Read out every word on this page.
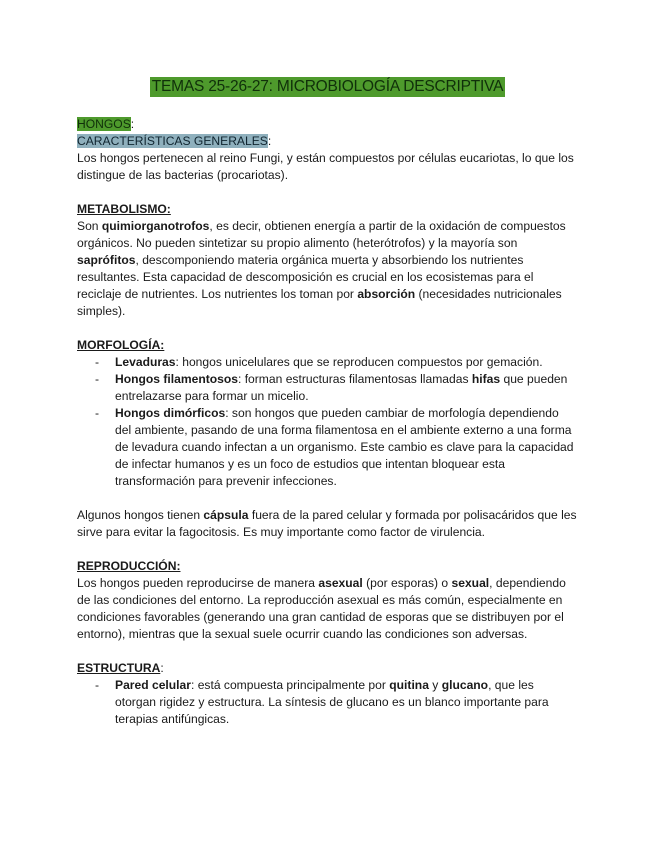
TEMAS 25-26-27: MICROBIOLOGÍA DESCRIPTIVA

HONGOS:

CARACTERÍSTICAS GENERALES:

Los hongos pertenecen al reino Fungi, y están compuestos por células eucariotas, lo que los distingue de las bacterias (procariotas).

METABOLISMO:

Son quimiorganotrofos, es decir, obtienen energía a partir de la oxidación de compuestos orgánicos. No pueden sintetizar su propio alimento (heterótrofos) y la mayoría son saprófitos, descomponiendo materia orgánica muerta y absorbiendo los nutrientes resultantes. Esta capacidad de descomposición es crucial en los ecosistemas para el reciclaje de nutrientes. Los nutrientes los toman por absorción (necesidades nutricionales simples).

MORFOLOGÍA:

- Levaduras: hongos unicelulares que se reproducen compuestos por gemación.
- Hongos filamentosos: forman estructuras filamentosas llamadas hifas que pueden entrelazarse para formar un micelio.
- Hongos dimórficos: son hongos que pueden cambiar de morfología dependiendo del ambiente, pasando de una forma filamentosa en el ambiente externo a una forma de levadura cuando infectan a un organismo. Este cambio es clave para la capacidad de infectar humanos y es un foco de estudios que intentan bloquear esta transformación para prevenir infecciones.

Algunos hongos tienen cápsula fuera de la pared celular y formada por polisacáridos que les sirve para evitar la fagocitosis. Es muy importante como factor de virulencia.

REPRODUCCIÓN:

Los hongos pueden reproducirse de manera asexual (por esporas) o sexual, dependiendo de las condiciones del entorno. La reproducción asexual es más común, especialmente en condiciones favorables (generando una gran cantidad de esporas que se distribuyen por el entorno), mientras que la sexual suele ocurrir cuando las condiciones son adversas.

ESTRUCTURA:

- Pared celular: está compuesta principalmente por quitina y glucano, que les otorgan rigidez y estructura. La síntesis de glucano es un blanco importante para terapias antifúngicas.
